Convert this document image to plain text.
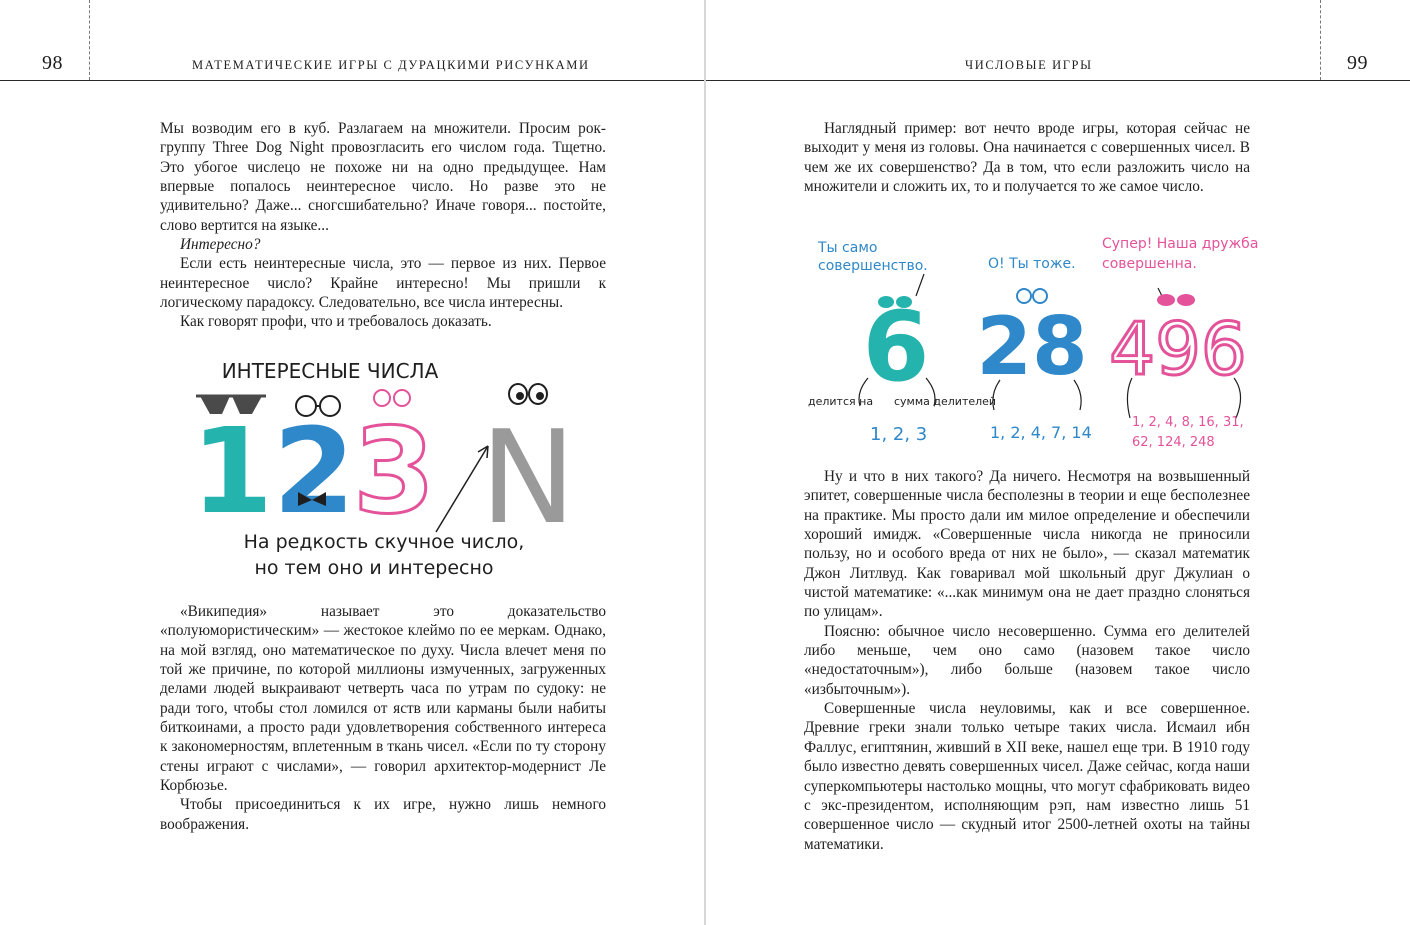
98	МАТЕМАТИЧЕСКИЕ ИГРЫ С ДУРАЦКИМИ РИСУНКАМИ

Мы возводим его в куб. Разлагаем на множители. Просим рок-группу Three Dog Night провозгласить его числом года. Тщетно. Это убогое числецо не похоже ни на одно предыдущее. Нам впервые попалось неинтересное число. Но разве это не удивительно? Даже... сногсшибательно? Иначе говоря... постойте, слово вертится на языке...

Интересно?

Если есть неинтересные числа, это — первое из них. Первое неинтересное число? Крайне интересно! Мы пришли к логическому парадоксу. Следовательно, все числа интересны.

Как говорят профи, что и требовалось доказать.

ИНТЕРЕСНЫЕ ЧИСЛА
1 2
3 N
На редкость скучное число,
но тем оно и интересно

«Википедия» называет это доказательство «полуюмористическим» — жестокое клеймо по ее меркам. Однако, на мой взгляд, оно математическое по духу. Числа влечет меня по той же причине, по которой миллионы измученных, загруженных делами людей выкраивают четверть часа по утрам по судоку: не ради того, чтобы стол ломился от яств или карманы были набиты биткоинами, а просто ради удовлетворения собственного интереса к закономерностям, вплетенным в ткань чисел. «Если по ту сторону стены играют с числами», — говорил архитектор-модернист Ле Корбюзье.

Чтобы присоединиться к их игре, нужно лишь немного воображения.

ЧИСЛОВЫЕ ИГРЫ	99

Наглядный пример: вот нечто вроде игры, которая сейчас не выходит у меня из головы. Она начинается с совершенных чисел. В чем же их совершенство? Да в том, что если разложить число на множители и сложить их, то и получается то же самое число.

Ты само
совершенство.
6
делится на сумма делителей
1, 2, 3
О! Ты тоже.
28
1, 2, 4, 7, 14
Супер! Наша дружба
совершенна.
496
1, 2, 4, 8, 16, 31,
62, 124, 248

Ну и что в них такого? Да ничего. Несмотря на возвышенный эпитет, совершенные числа бесполезны в теории и еще бесполезнее на практике. Мы просто дали им милое определение и обеспечили хороший имидж. «Совершенные числа никогда не приносили пользу, но и особого вреда от них не было», — сказал математик Джон Литлвуд. Как говаривал мой школьный друг Джулиан о чистой математике: «...как минимум она не дает праздно слоняться по улицам».

Поясню: обычное число несовершенно. Сумма его делителей либо меньше, чем оно само (назовем такое число «недостаточным»), либо больше (назовем такое число «избыточным»).

Совершенные числа неуловимы, как и все совершенное. Древние греки знали только четыре таких числа. Исмаил ибн Фаллус, египтянин, живший в XII веке, нашел еще три. В 1910 году было известно девять совершенных чисел. Даже сейчас, когда наши суперкомпьютеры настолько мощны, что могут сфабриковать видео с экс-президентом, исполняющим рэп, нам известно лишь 51 совершенное число — скудный итог 2500-летней охоты на тайны математики.
